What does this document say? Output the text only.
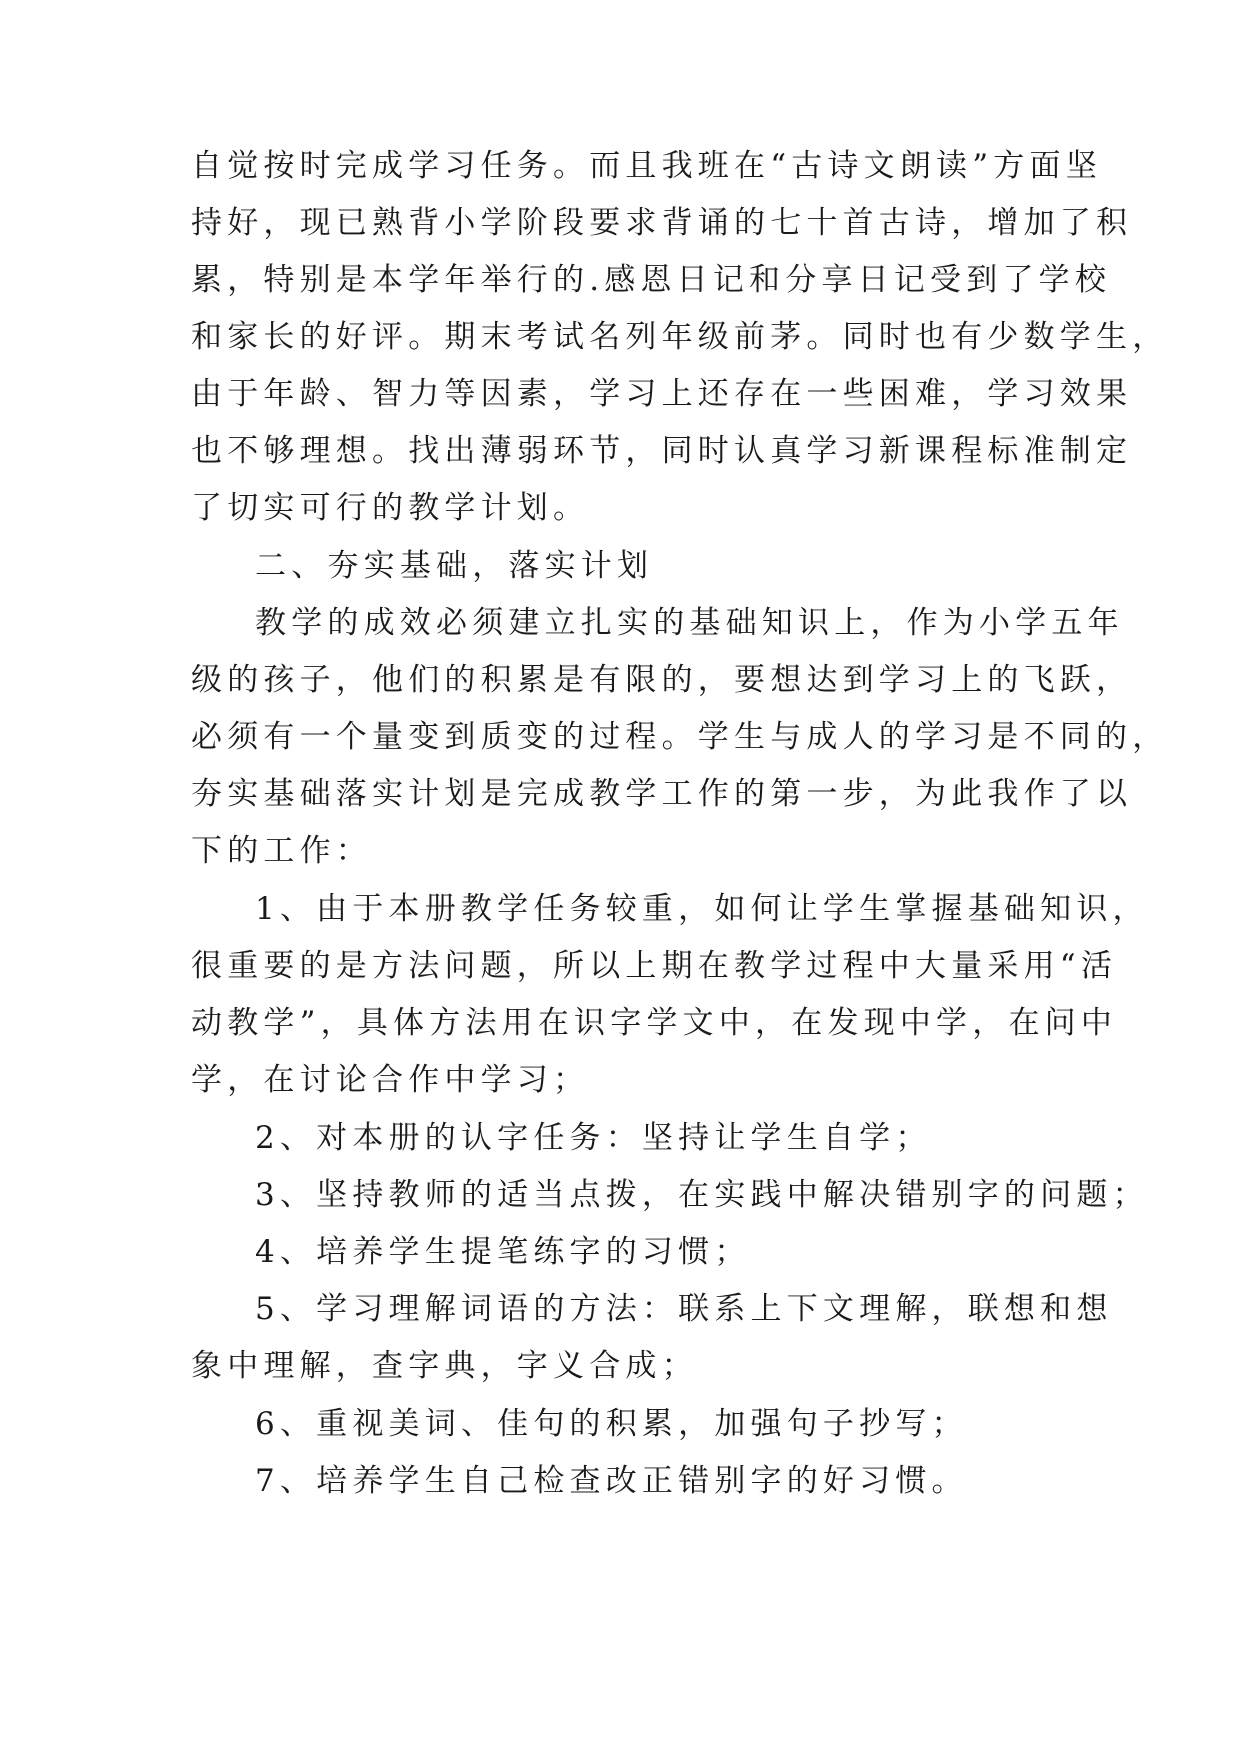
自觉按时完成学习任务。而且我班在“古诗文朗读”方面坚
持好，现已熟背小学阶段要求背诵的七十首古诗，增加了积
累，特别是本学年举行的.感恩日记和分享日记受到了学校
和家长的好评。期末考试名列年级前茅。同时也有少数学生，
由于年龄、智力等因素，学习上还存在一些困难，学习效果
也不够理想。找出薄弱环节，同时认真学习新课程标准制定
了切实可行的教学计划。
二、夯实基础，落实计划
教学的成效必须建立扎实的基础知识上，作为小学五年
级的孩子，他们的积累是有限的，要想达到学习上的飞跃，
必须有一个量变到质变的过程。学生与成人的学习是不同的，
夯实基础落实计划是完成教学工作的第一步，为此我作了以
下的工作：
1、由于本册教学任务较重，如何让学生掌握基础知识，
很重要的是方法问题，所以上期在教学过程中大量采用“活
动教学”，具体方法用在识字学文中，在发现中学，在问中
学，在讨论合作中学习；
2、对本册的认字任务：坚持让学生自学；
3、坚持教师的适当点拨，在实践中解决错别字的问题；
4、培养学生提笔练字的习惯；
5、学习理解词语的方法：联系上下文理解，联想和想
象中理解，查字典，字义合成；
6、重视美词、佳句的积累，加强句子抄写；
7、培养学生自己检查改正错别字的好习惯。
